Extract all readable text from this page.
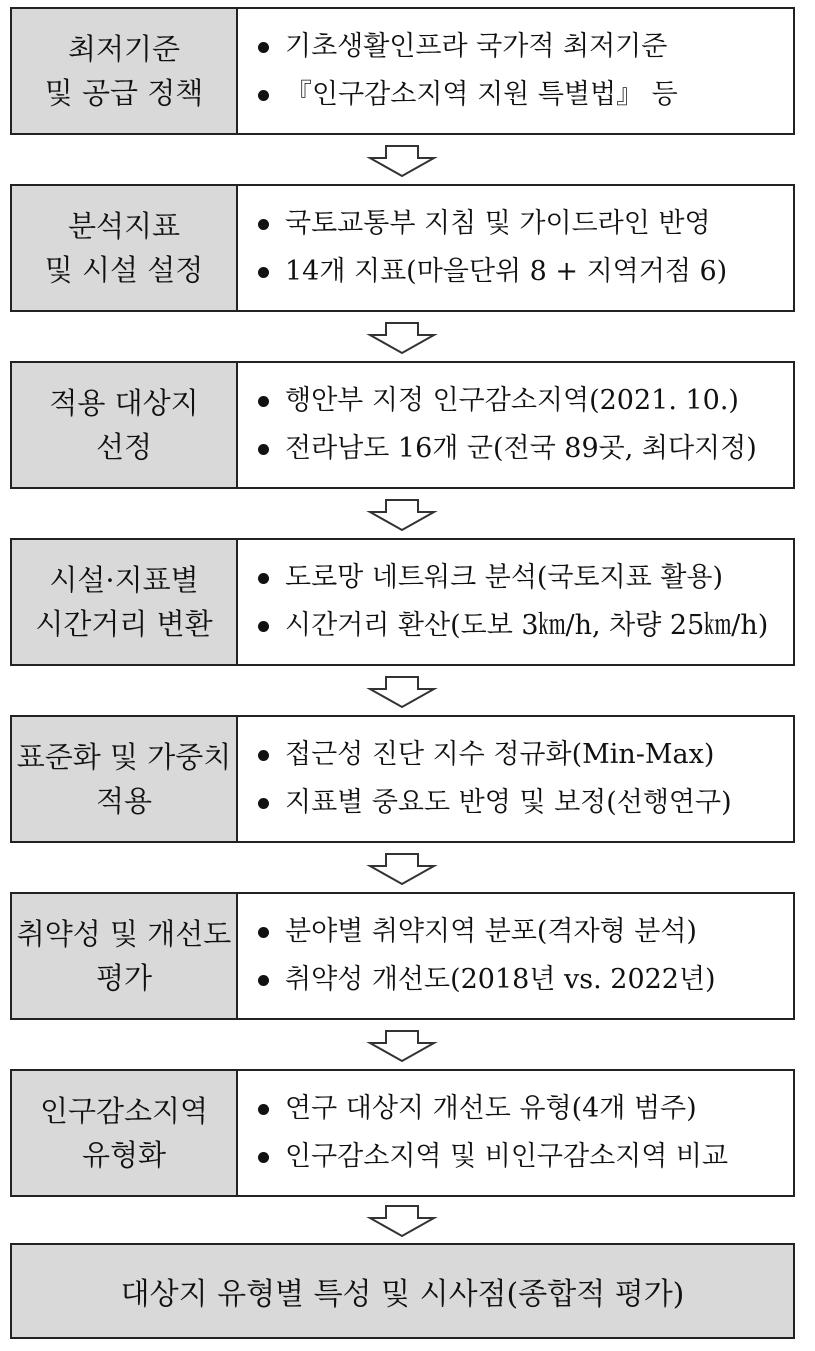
최저기준
및 공급 정책
기초생활인프라 국가적 최저기준
『인구감소지역 지원 특별법』 등
분석지표
및 시설 설정
국토교통부 지침 및 가이드라인 반영
14개 지표(마을단위 8 + 지역거점 6)
적용 대상지
선정
행안부 지정 인구감소지역(2021. 10.)
전라남도 16개 군(전국 89곳, 최다지정)
시설·지표별
시간거리 변환
도로망 네트워크 분석(국토지표 활용)
시간거리 환산(도보 3㎞/h, 차량 25㎞/h)
표준화 및 가중치
적용
접근성 진단 지수 정규화(Min-Max)
지표별 중요도 반영 및 보정(선행연구)
취약성 및 개선도
평가
분야별 취약지역 분포(격자형 분석)
취약성 개선도(2018년 vs. 2022년)
인구감소지역
유형화
연구 대상지 개선도 유형(4개 범주)
인구감소지역 및 비인구감소지역 비교
대상지 유형별 특성 및 시사점(종합적 평가)
